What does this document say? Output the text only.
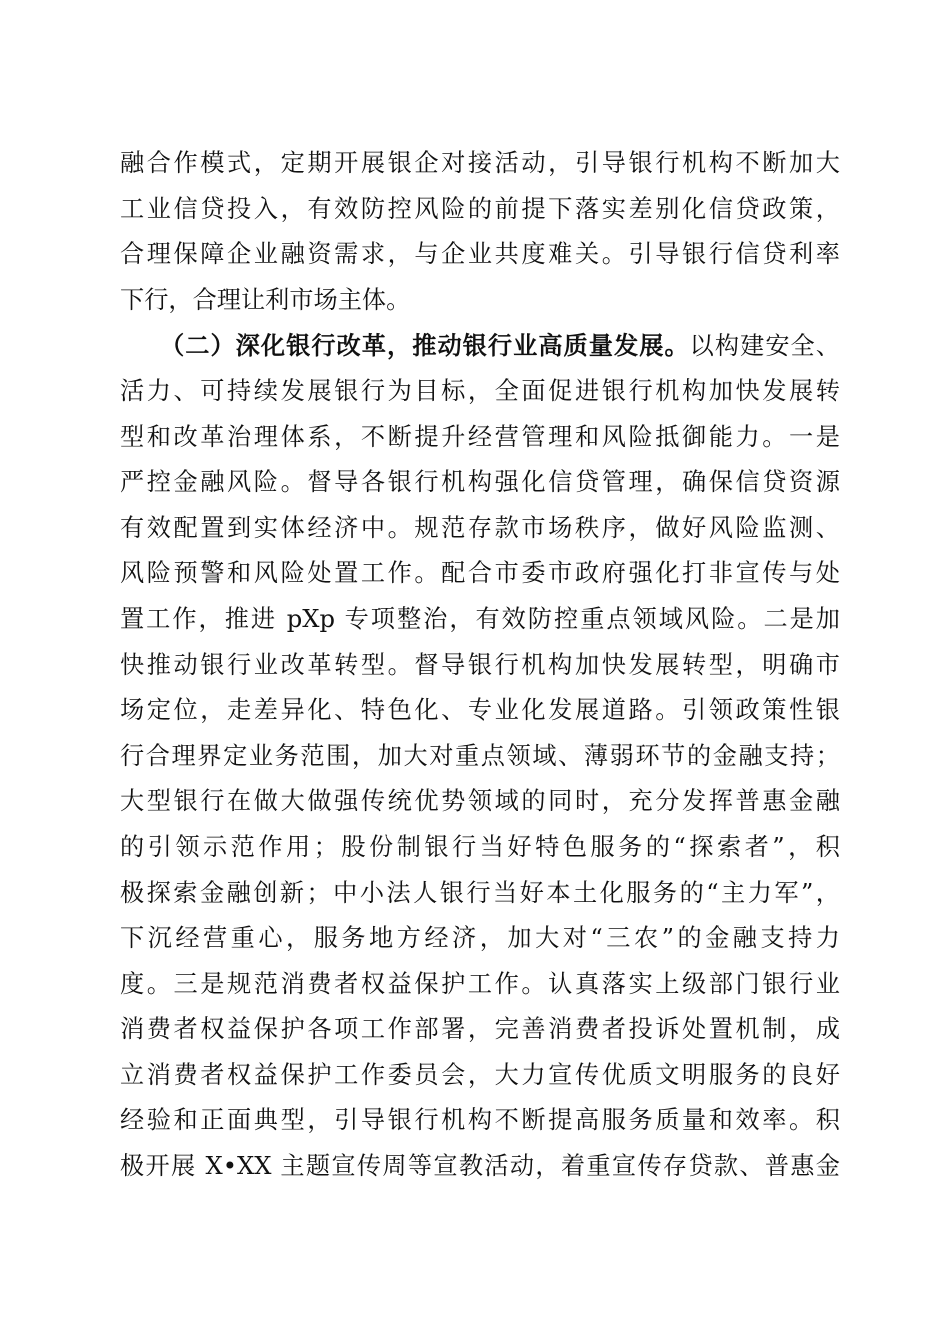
融合作模式，定期开展银企对接活动，引导银行机构不断加大
工业信贷投入，有效防控风险的前提下落实差别化信贷政策，
合理保障企业融资需求，与企业共度难关。引导银行信贷利率
下行，合理让利市场主体。
（二）深化银行改革，推动银行业高质量发展。以构建安全、
活力、可持续发展银行为目标，全面促进银行机构加快发展转
型和改革治理体系，不断提升经营管理和风险抵御能力。一是
严控金融风险。督导各银行机构强化信贷管理，确保信贷资源
有效配置到实体经济中。规范存款市场秩序，做好风险监测、
风险预警和风险处置工作。配合市委市政府强化打非宣传与处
置工作，推进 pXp 专项整治，有效防控重点领域风险。二是加
快推动银行业改革转型。督导银行机构加快发展转型，明确市
场定位，走差异化、特色化、专业化发展道路。引领政策性银
行合理界定业务范围，加大对重点领域、薄弱环节的金融支持；
大型银行在做大做强传统优势领域的同时，充分发挥普惠金融
的引领示范作用；股份制银行当好特色服务的“探索者”，积
极探索金融创新；中小法人银行当好本土化服务的“主力军”，
下沉经营重心，服务地方经济，加大对“三农”的金融支持力
度。三是规范消费者权益保护工作。认真落实上级部门银行业
消费者权益保护各项工作部署，完善消费者投诉处置机制，成
立消费者权益保护工作委员会，大力宣传优质文明服务的良好
经验和正面典型，引导银行机构不断提高服务质量和效率。积
极开展 X•XX 主题宣传周等宣教活动，着重宣传存贷款、普惠金
